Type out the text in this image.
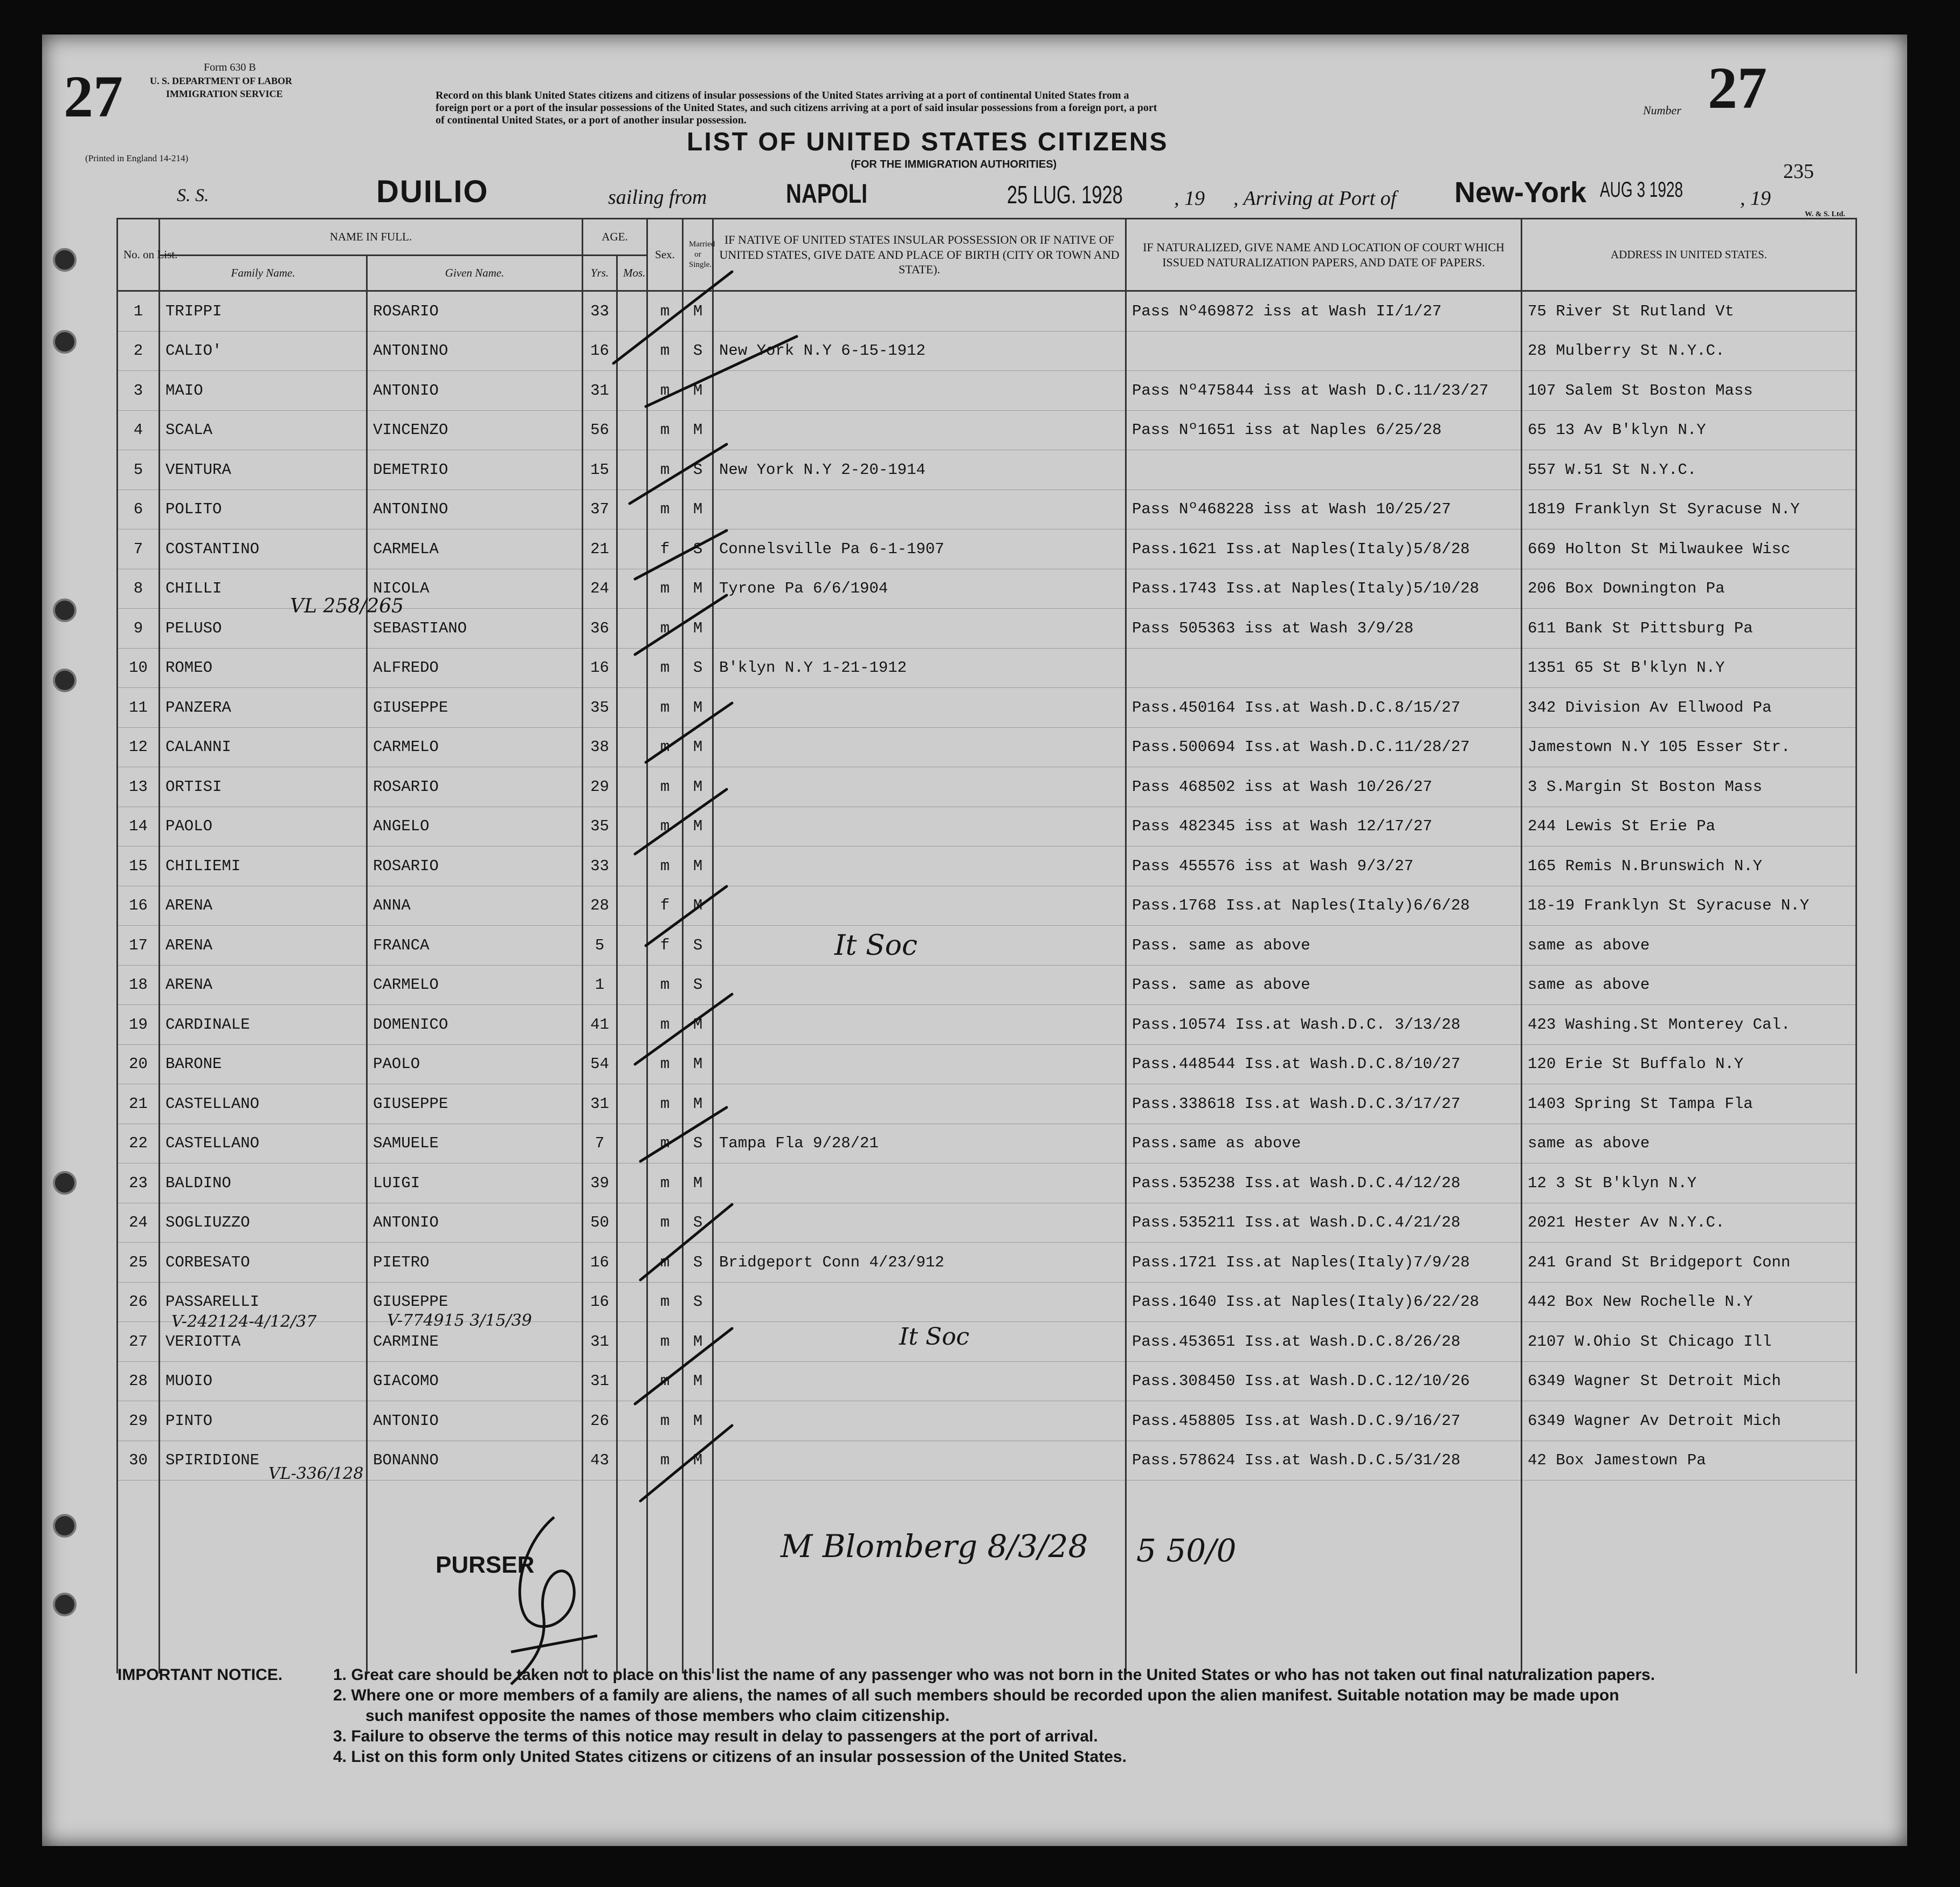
27	Form 630 B
U. S. DEPARTMENT OF LABOR
IMMIGRATION SERVICE
(Printed in England 14-214)
Record on this blank United States citizens and citizens of insular possessions of the United States arriving at a port of continental United States from a
foreign port or a port of the insular possessions of the United States, and such citizens arriving at a port of said insular possessions from a foreign port, a port
of continental United States, or a port of another insular possession.
Number 27
LIST OF UNITED STATES CITIZENS
(FOR THE IMMIGRATION AUTHORITIES)	235
S. S.	DUILIO	sailing from	NAPOLI	25 LUG. 1928	, 19 , Arriving at Port of New-York AUG 3 1928	, 19
W. & S. Ltd.
No. on List.	NAME IN FULL.		AGE.		Sex.	Married or Single.	IF NATIVE OF UNITED STATES INSULAR POSSESSION OR IF NATIVE OF UNITED STATES, GIVE DATE AND PLACE OF BIRTH (CITY OR TOWN AND STATE).	IF NATURALIZED, GIVE NAME AND LOCATION OF COURT WHICH ISSUED NATURALIZATION PAPERS, AND DATE OF PAPERS.	ADDRESS IN UNITED STATES.
	Family Name.	Given Name.	Yrs.	Mos.					
1	TRIPPI	ROSARIO	33		m	M		Pass Nº469872 iss at Wash II/1/27	75 River St Rutland Vt
2	CALIO'	ANTONINO	16		m	S	New York N.Y 6-15-1912		28 Mulberry St N.Y.C.
3	MAIO	ANTONIO	31		m	M		Pass Nº475844 iss at Wash D.C.11/23/27	107 Salem St Boston Mass
4	SCALA	VINCENZO	56		m	M		Pass Nº1651 iss at Naples 6/25/28	65 13 Av B'klyn N.Y
5	VENTURA	DEMETRIO	15		m	S	New York N.Y 2-20-1914		557 W.51 St N.Y.C.
6	POLITO	ANTONINO	37		m	M		Pass Nº468228 iss at Wash 10/25/27	1819 Franklyn St Syracuse N.Y
7	COSTANTINO	CARMELA	21		f	S	Connelsville Pa 6-1-1907	Pass.1621 Iss.at Naples(Italy)5/8/28	669 Holton St Milwaukee Wisc
8	CHILLI	NICOLA	24		m	M	Tyrone Pa 6/6/1904	Pass.1743 Iss.at Naples(Italy)5/10/28	206 Box Downington Pa
9	PELUSO	SEBASTIANO	36		m	M		Pass 505363 iss at Wash 3/9/28	611 Bank St Pittsburg Pa
10	ROMEO	ALFREDO	16		m	S	B'klyn N.Y 1-21-1912		1351 65 St B'klyn N.Y
11	PANZERA	GIUSEPPE	35		m	M		Pass.450164 Iss.at Wash.D.C.8/15/27	342 Division Av Ellwood Pa
12	CALANNI	CARMELO	38		m	M		Pass.500694 Iss.at Wash.D.C.11/28/27	Jamestown N.Y 105 Esser Str.
13	ORTISI	ROSARIO	29		m	M		Pass 468502 iss at Wash 10/26/27	3 S.Margin St Boston Mass
14	PAOLO	ANGELO	35		m	M		Pass 482345 iss at Wash 12/17/27	244 Lewis St Erie Pa
15	CHILIEMI	ROSARIO	33		m	M		Pass 455576 iss at Wash 9/3/27	165 Remis N.Brunswich N.Y
16	ARENA	ANNA	28		f	M		Pass.1768 Iss.at Naples(Italy)6/6/28	18-19 Franklyn St Syracuse N.Y
17	ARENA	FRANCA	5		f	S		Pass. same as above	same as above
18	ARENA	CARMELO	1		m	S		Pass. same as above	same as above
19	CARDINALE	DOMENICO	41		m	M		Pass.10574 Iss.at Wash.D.C. 3/13/28	423 Washing.St Monterey Cal.
20	BARONE	PAOLO	54		m	M		Pass.448544 Iss.at Wash.D.C.8/10/27	120 Erie St Buffalo N.Y
21	CASTELLANO	GIUSEPPE	31		m	M		Pass.338618 Iss.at Wash.D.C.3/17/27	1403 Spring St Tampa Fla
22	CASTELLANO	SAMUELE	7		m	S	Tampa Fla 9/28/21	Pass.same as above	same as above
23	BALDINO	LUIGI	39		m	M		Pass.535238 Iss.at Wash.D.C.4/12/28	12 3 St B'klyn N.Y
24	SOGLIUZZO	ANTONIO	50		m	S		Pass.535211 Iss.at Wash.D.C.4/21/28	2021 Hester Av N.Y.C.
25	CORBESATO	PIETRO	16		m	S	Bridgeport Conn 4/23/912	Pass.1721 Iss.at Naples(Italy)7/9/28	241 Grand St Bridgeport Conn
26	PASSARELLI	GIUSEPPE	16		m	S		Pass.1640 Iss.at Naples(Italy)6/22/28	442 Box New Rochelle N.Y
27	VERIOTTA	CARMINE	31		m	M		Pass.453651 Iss.at Wash.D.C.8/26/28	2107 W.Ohio St Chicago Ill
28	MUOIO	GIACOMO	31		m	M		Pass.308450 Iss.at Wash.D.C.12/10/26	6349 Wagner St Detroit Mich
29	PINTO	ANTONIO	26		m	M		Pass.458805 Iss.at Wash.D.C.9/16/27	6349 Wagner Av Detroit Mich
30	SPIRIDIONE	BONANNO	43		m	M		Pass.578624 Iss.at Wash.D.C.5/31/28	42 Box Jamestown Pa

VL 258/265
V-242124-4/12/37	V-774915 3/15/39
VL-336/128
It Soc
It Soc
M Blomberg 8/3/28 5 50/0
PURSER
IMPORTANT NOTICE.	1. Great care should be taken not to place on this list the name of any passenger who was not born in the United States or who has not taken out final naturalization papers.
2. Where one or more members of a family are aliens, the names of all such members should be recorded upon the alien manifest. Suitable notation may be made upon
such manifest opposite the names of those members who claim citizenship.
3. Failure to observe the terms of this notice may result in delay to passengers at the port of arrival.
4. List on this form only United States citizens or citizens of an insular possession of the United States.
